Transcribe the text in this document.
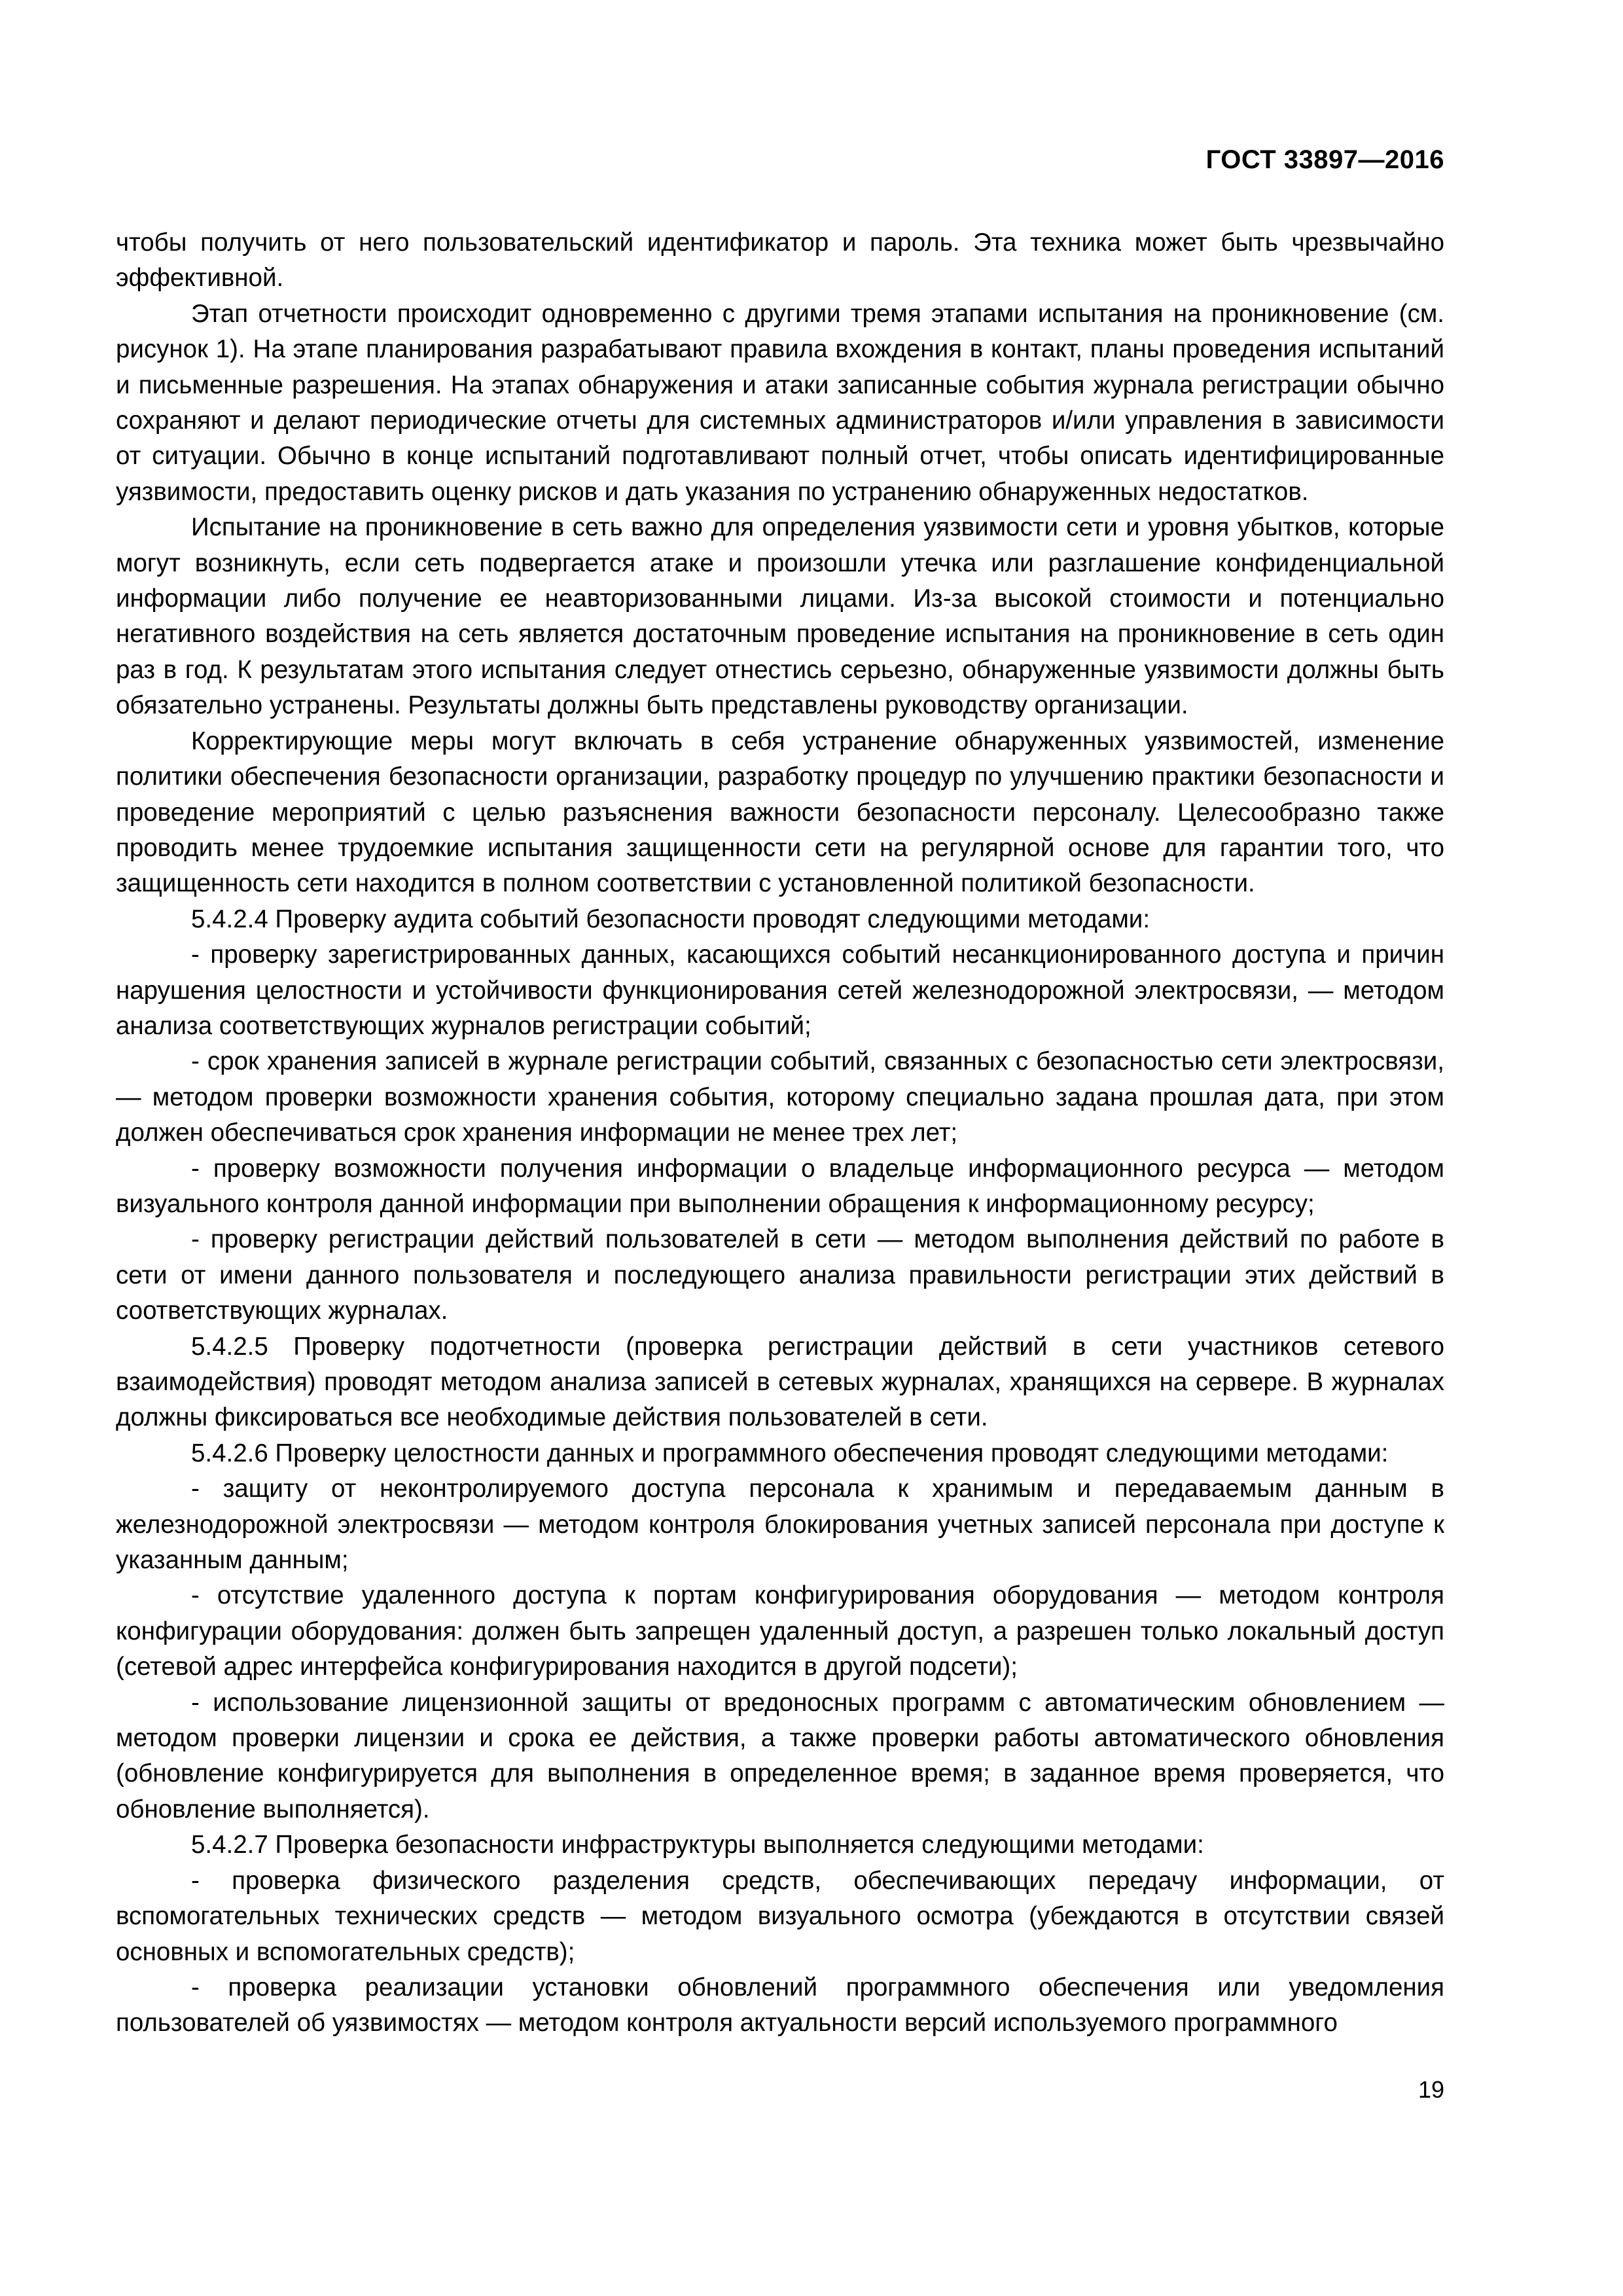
ГОСТ 33897—2016

чтобы получить от него пользовательский идентификатор и пароль. Эта техника может быть чрезвычайно эффективной.

Этап отчетности происходит одновременно с другими тремя этапами испытания на проникновение (см. рисунок 1). На этапе планирования разрабатывают правила вхождения в контакт, планы проведения испытаний и письменные разрешения. На этапах обнаружения и атаки записанные события журнала регистрации обычно сохраняют и делают периодические отчеты для системных администраторов и/или управления в зависимости от ситуации. Обычно в конце испытаний подготавливают полный отчет, чтобы описать идентифицированные уязвимости, предоставить оценку рисков и дать указания по устранению обнаруженных недостатков.

Испытание на проникновение в сеть важно для определения уязвимости сети и уровня убытков, которые могут возникнуть, если сеть подвергается атаке и произошли утечка или разглашение конфиденциальной информации либо получение ее неавторизованными лицами. Из-за высокой стоимости и потенциально негативного воздействия на сеть является достаточным проведение испытания на проникновение в сеть один раз в год. К результатам этого испытания следует отнестись серьезно, обнаруженные уязвимости должны быть обязательно устранены. Результаты должны быть представлены руководству организации.

Корректирующие меры могут включать в себя устранение обнаруженных уязвимостей, изменение политики обеспечения безопасности организации, разработку процедур по улучшению практики безопасности и проведение мероприятий с целью разъяснения важности безопасности персоналу. Целесообразно также проводить менее трудоемкие испытания защищенности сети на регулярной основе для гарантии того, что защищенность сети находится в полном соответствии с установленной политикой безопасности.

5.4.2.4 Проверку аудита событий безопасности проводят следующими методами:

- проверку зарегистрированных данных, касающихся событий несанкционированного доступа и причин нарушения целостности и устойчивости функционирования сетей железнодорожной электросвязи, — методом анализа соответствующих журналов регистрации событий;

- срок хранения записей в журнале регистрации событий, связанных с безопасностью сети электросвязи, — методом проверки возможности хранения события, которому специально задана прошлая дата, при этом должен обеспечиваться срок хранения информации не менее трех лет;

- проверку возможности получения информации о владельце информационного ресурса — методом визуального контроля данной информации при выполнении обращения к информационному ресурсу;

- проверку регистрации действий пользователей в сети — методом выполнения действий по работе в сети от имени данного пользователя и последующего анализа правильности регистрации этих действий в соответствующих журналах.

5.4.2.5 Проверку подотчетности (проверка регистрации действий в сети участников сетевого взаимодействия) проводят методом анализа записей в сетевых журналах, хранящихся на сервере. В журналах должны фиксироваться все необходимые действия пользователей в сети.

5.4.2.6 Проверку целостности данных и программного обеспечения проводят следующими методами:

- защиту от неконтролируемого доступа персонала к хранимым и передаваемым данным в железнодорожной электросвязи — методом контроля блокирования учетных записей персонала при доступе к указанным данным;

- отсутствие удаленного доступа к портам конфигурирования оборудования — методом контроля конфигурации оборудования: должен быть запрещен удаленный доступ, а разрешен только локальный доступ (сетевой адрес интерфейса конфигурирования находится в другой подсети);

- использование лицензионной защиты от вредоносных программ с автоматическим обновлением — методом проверки лицензии и срока ее действия, а также проверки работы автоматического обновления (обновление конфигурируется для выполнения в определенное время; в заданное время проверяется, что обновление выполняется).

5.4.2.7 Проверка безопасности инфраструктуры выполняется следующими методами:

- проверка физического разделения средств, обеспечивающих передачу информации, от вспомогательных технических средств — методом визуального осмотра (убеждаются в отсутствии связей основных и вспомогательных средств);

- проверка реализации установки обновлений программного обеспечения или уведомления пользователей об уязвимостях — методом контроля актуальности версий используемого программного

19
